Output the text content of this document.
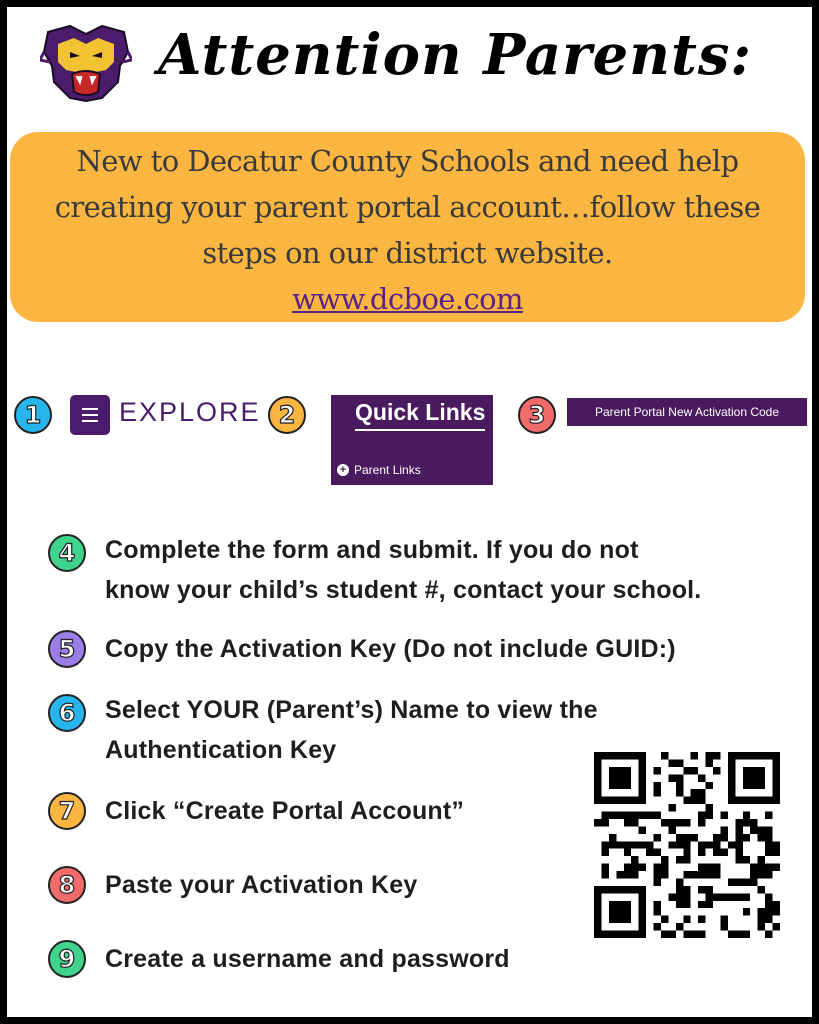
Attention Parents:
New to Decatur County Schools and need help
creating your parent portal account…follow these
steps on our district website.
www.dcboe.com
1	EXPLORE 2	Quick Links
+ Parent Links
3	Parent Portal New Activation Code
4	Complete the form and submit. If you do not
know your child’s student #, contact your school.
5	Copy the Activation Key (Do not include GUID:)
6	Select YOUR (Parent’s) Name to view the
Authentication Key
7	Click “Create Portal Account”
8	Paste your Activation Key
9	Create a username and password
